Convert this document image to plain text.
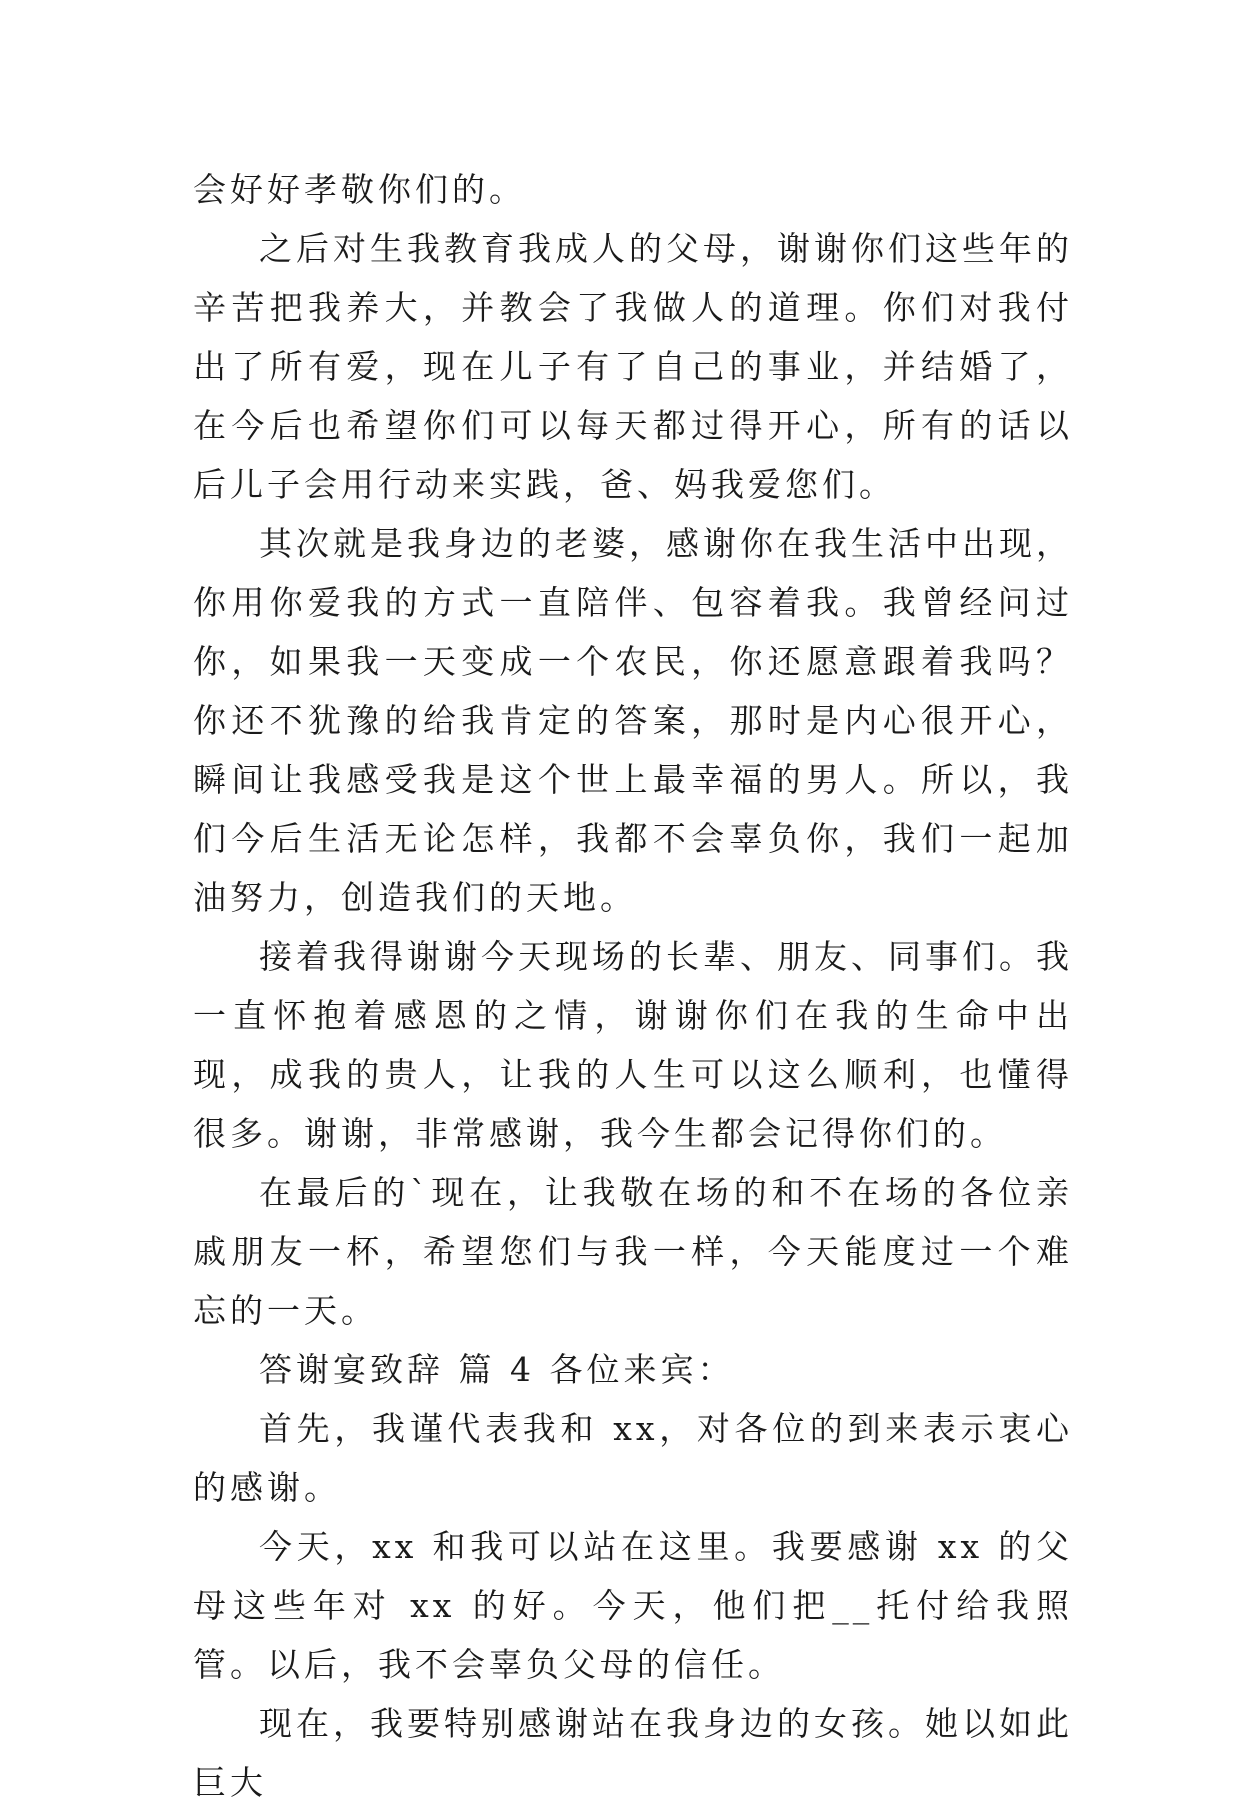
会好好孝敬你们的。

之后对生我教育我成人的父母，谢谢你们这些年的辛苦把我养大，并教会了我做人的道理。你们对我付出了所有爱，现在儿子有了自己的事业，并结婚了，在今后也希望你们可以每天都过得开心，所有的话以后儿子会用行动来实践，爸、妈我爱您们。

其次就是我身边的老婆，感谢你在我生活中出现，你用你爱我的方式一直陪伴、包容着我。我曾经问过你，如果我一天变成一个农民，你还愿意跟着我吗？你还不犹豫的给我肯定的答案，那时是内心很开心，瞬间让我感受我是这个世上最幸福的男人。所以，我们今后生活无论怎样，我都不会辜负你，我们一起加油努力，创造我们的天地。

接着我得谢谢今天现场的长辈、朋友、同事们。我一直怀抱着感恩的之情，谢谢你们在我的生命中出现，成我的贵人，让我的人生可以这么顺利，也懂得很多。谢谢，非常感谢，我今生都会记得你们的。

在最后的`现在，让我敬在场的和不在场的各位亲戚朋友一杯，希望您们与我一样，今天能度过一个难忘的一天。

答谢宴致辞 篇 4 各位来宾：

首先，我谨代表我和 xx，对各位的到来表示衷心的感谢。

今天，xx 和我可以站在这里。我要感谢 xx 的父母这些年对 xx 的好。今天，他们把__托付给我照管。以后，我不会辜负父母的信任。

现在，我要特别感谢站在我身边的女孩。她以如此巨大
